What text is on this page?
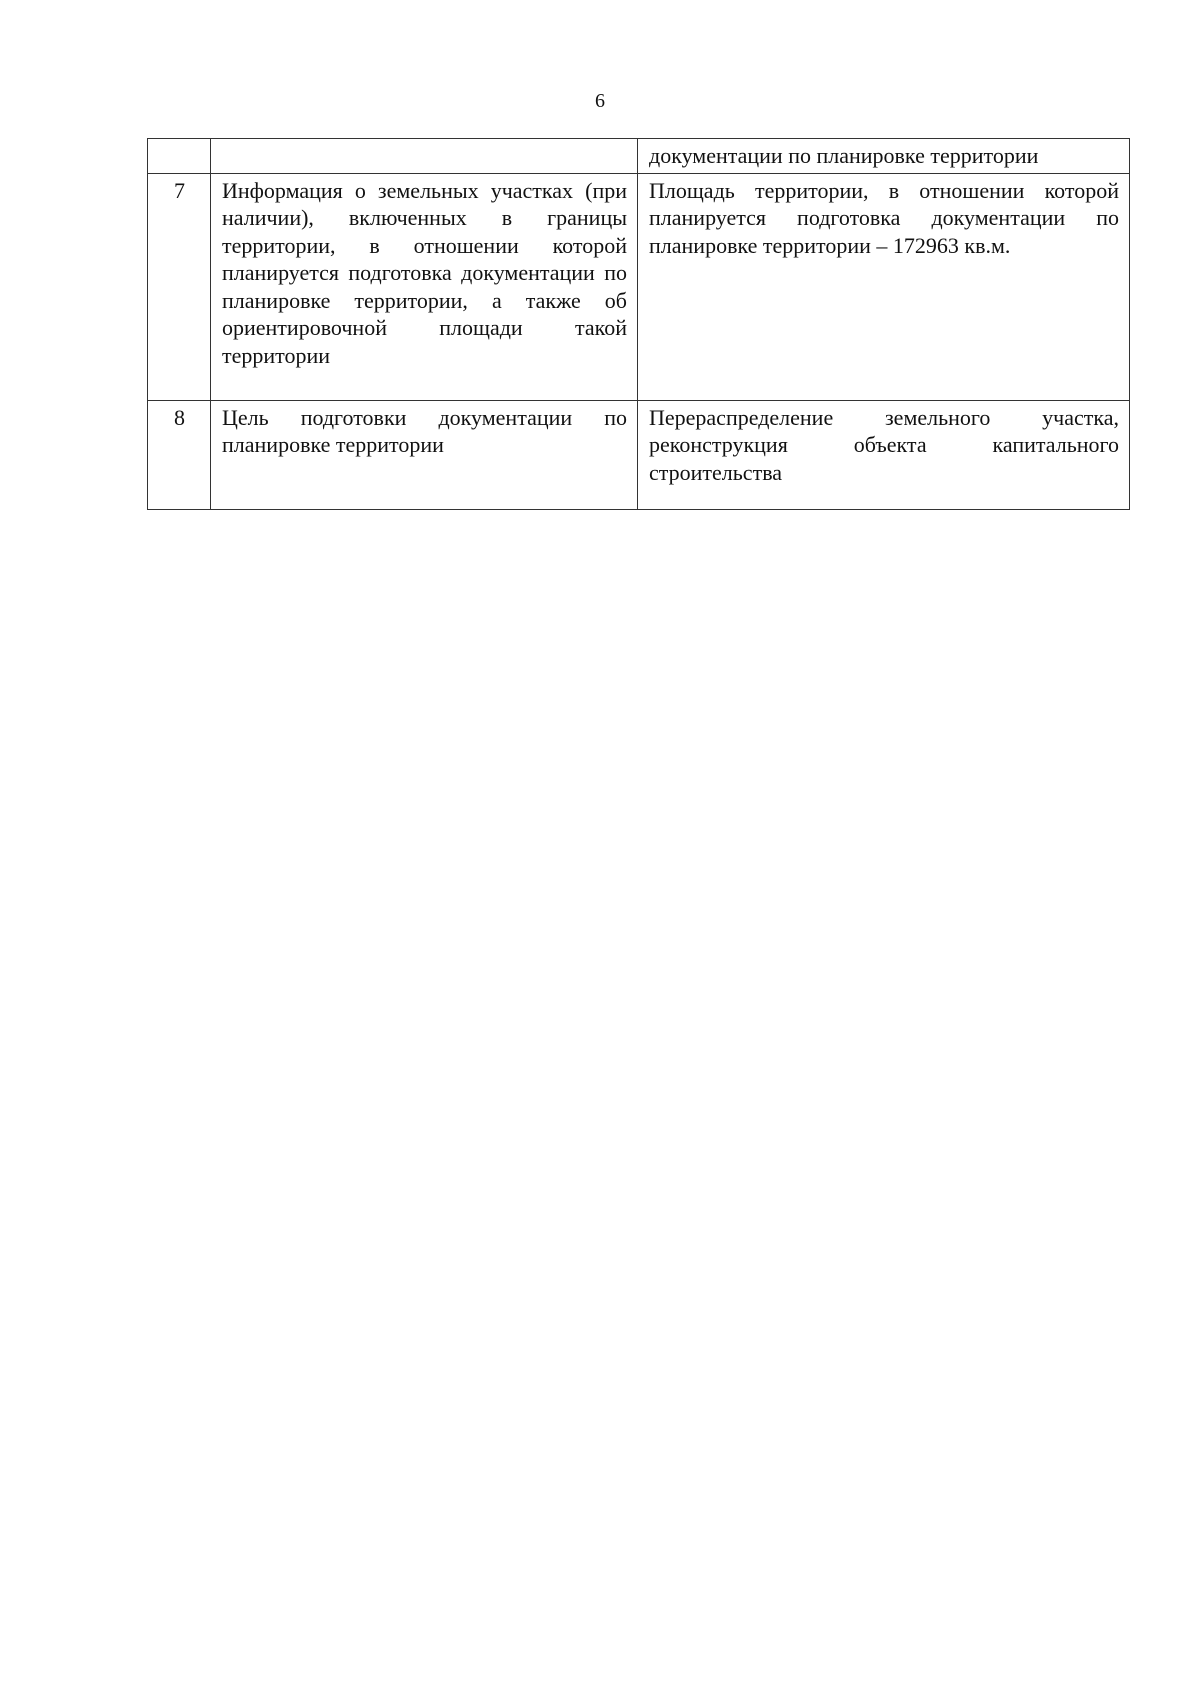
6
		документации по планировке территории
7	Информация о земельных участках (при наличии), включенных в границы территории, в отношении которой планируется подготовка документации по планировке территории, а также об ориентировочной площади такой территории	Площадь территории, в отношении которой планируется подготовка документации по планировке территории – 172963 кв.м.
8	Цель подготовки документации по планировке территории	Перераспределение земельного участка, реконструкция объекта капитального строительства
